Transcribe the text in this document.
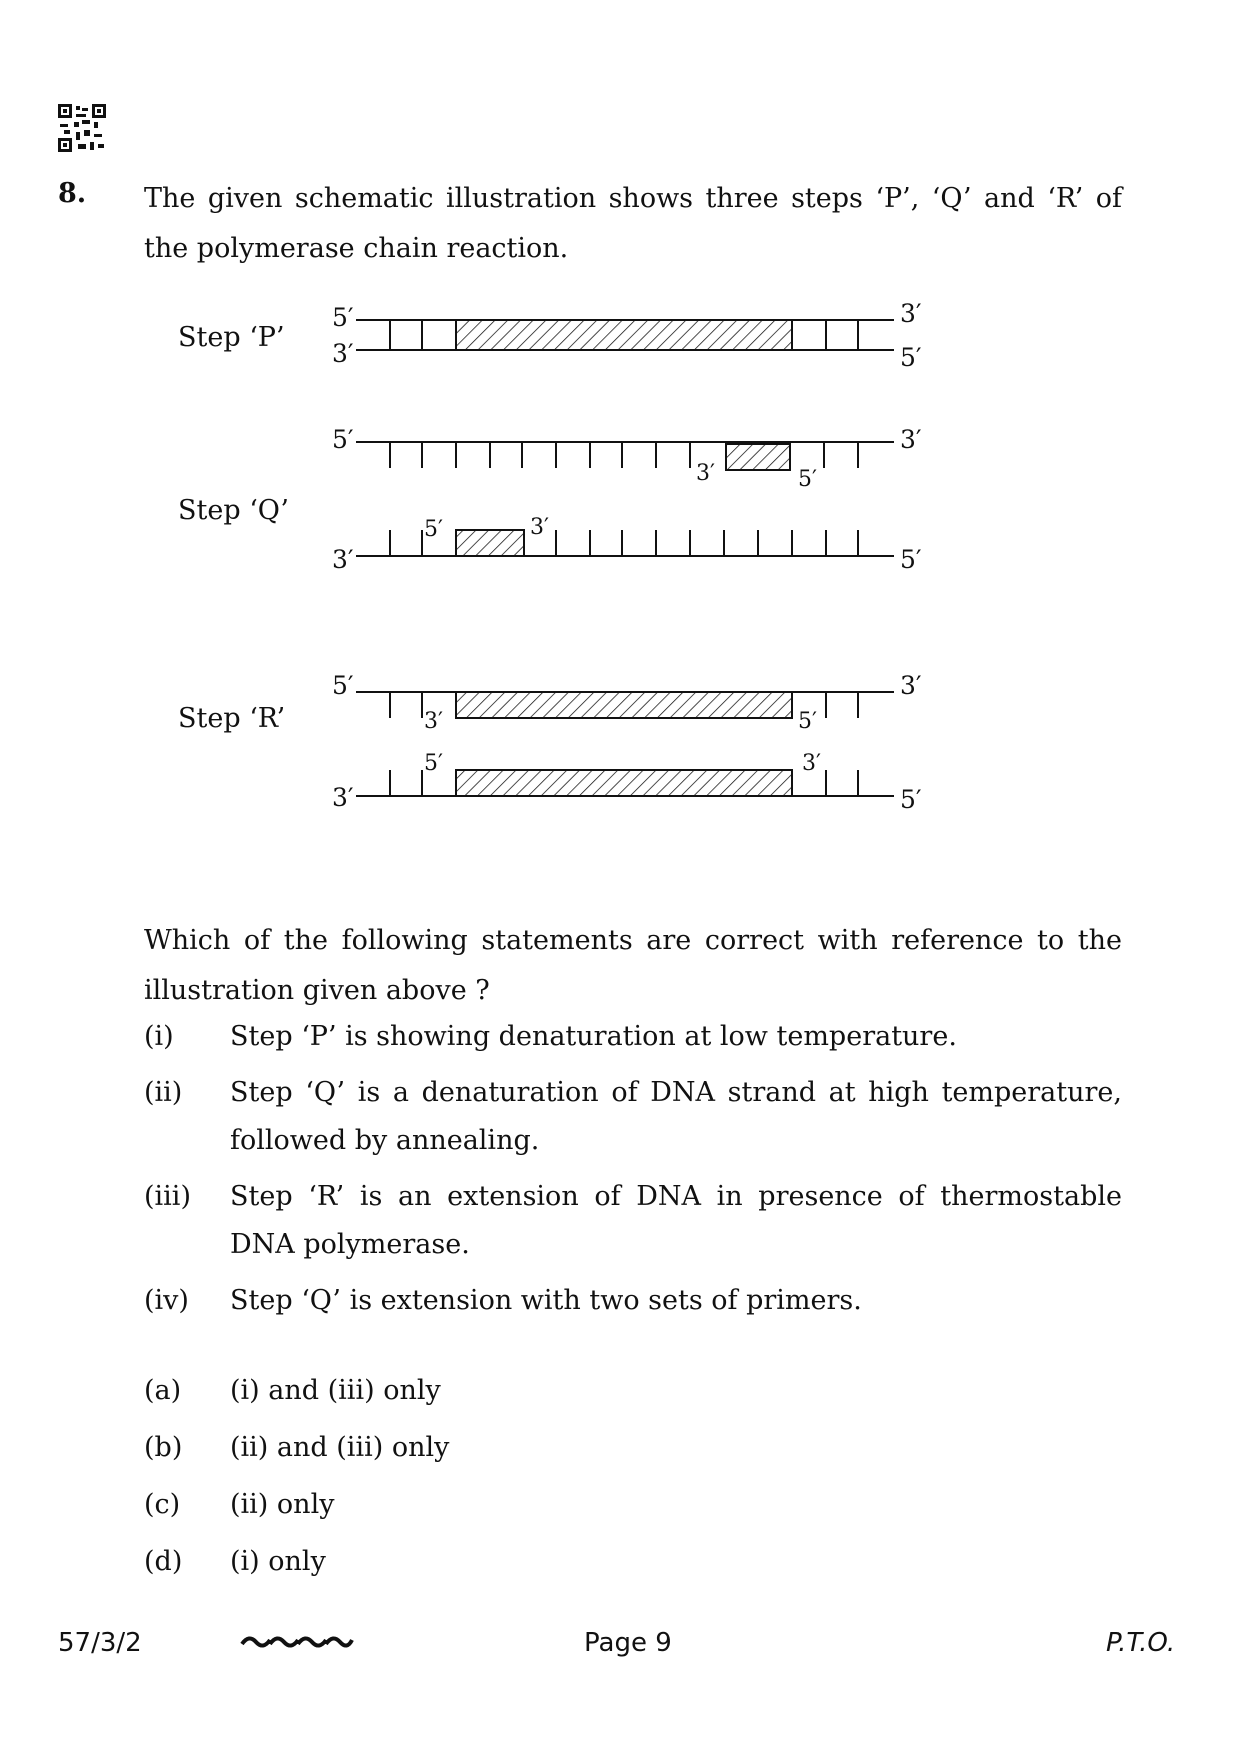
8. The given schematic illustration shows three steps ‘P’, ‘Q’ and ‘R’ of the polymerase chain reaction.
Step ‘P’
Step ‘Q’
Step ‘R’
5′	3′
3′	5′
5′	3′
3′	5′
5′	3′
3′	5′
5′	3′
3′	5′
5′	3′
3′	5′
Which of the following statements are correct with reference to the illustration given above ?
(i) Step ‘P’ is showing denaturation at low temperature.
(ii) Step ‘Q’ is a denaturation of DNA strand at high temperature, followed by annealing.
(iii) Step ‘R’ is an extension of DNA in presence of thermostable DNA polymerase.
(iv) Step ‘Q’ is extension with two sets of primers.
(a) (i) and (iii) only
(b) (ii) and (iii) only
(c) (ii) only
(d) (i) only
57/3/2	Page 9	P.T.O.
